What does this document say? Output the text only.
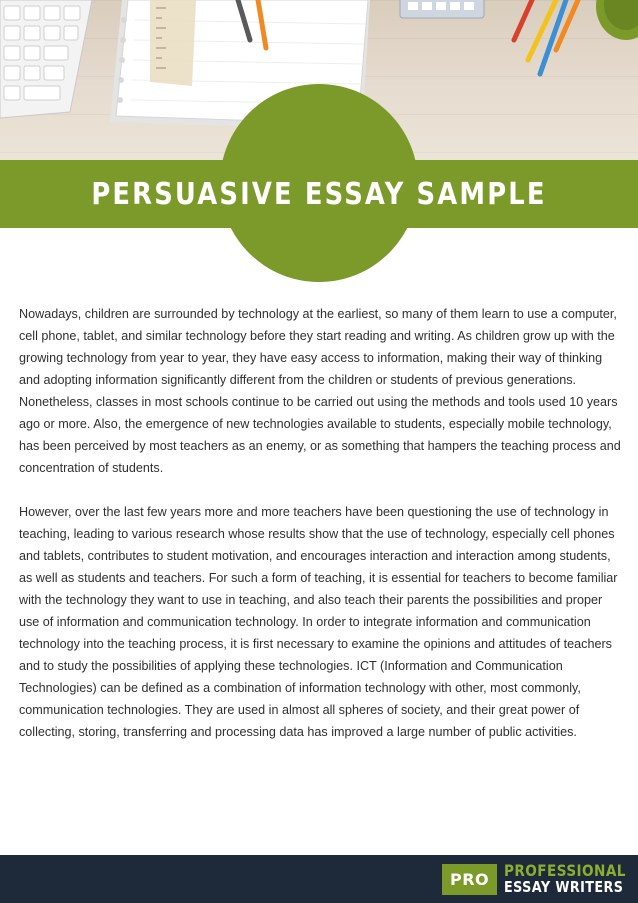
PERSUASIVE ESSAY SAMPLE

Nowadays, children are surrounded by technology at the earliest, so many of them learn to use a computer, cell phone, tablet, and similar technology before they start reading and writing. As children grow up with the growing technology from year to year, they have easy access to information, making their way of thinking and adopting information significantly different from the children or students of previous generations. Nonetheless, classes in most schools continue to be carried out using the methods and tools used 10 years ago or more. Also, the emergence of new technologies available to students, especially mobile technology, has been perceived by most teachers as an enemy, or as something that hampers the teaching process and concentration of students.

However, over the last few years more and more teachers have been questioning the use of technology in teaching, leading to various research whose results show that the use of technology, especially cell phones and tablets, contributes to student motivation, and encourages interaction and interaction among students, as well as students and teachers. For such a form of teaching, it is essential for teachers to become familiar with the technology they want to use in teaching, and also teach their parents the possibilities and proper use of information and communication technology. In order to integrate information and communication technology into the teaching process, it is first necessary to examine the opinions and attitudes of teachers and to study the possibilities of applying these technologies. ICT (Information and Communication Technologies) can be defined as a combination of information technology with other, most commonly, communication technologies. They are used in almost all spheres of society, and their great power of collecting, storing, transferring and processing data has improved a large number of public activities.

PRO PROFESSIONAL
ESSAY WRITERS
